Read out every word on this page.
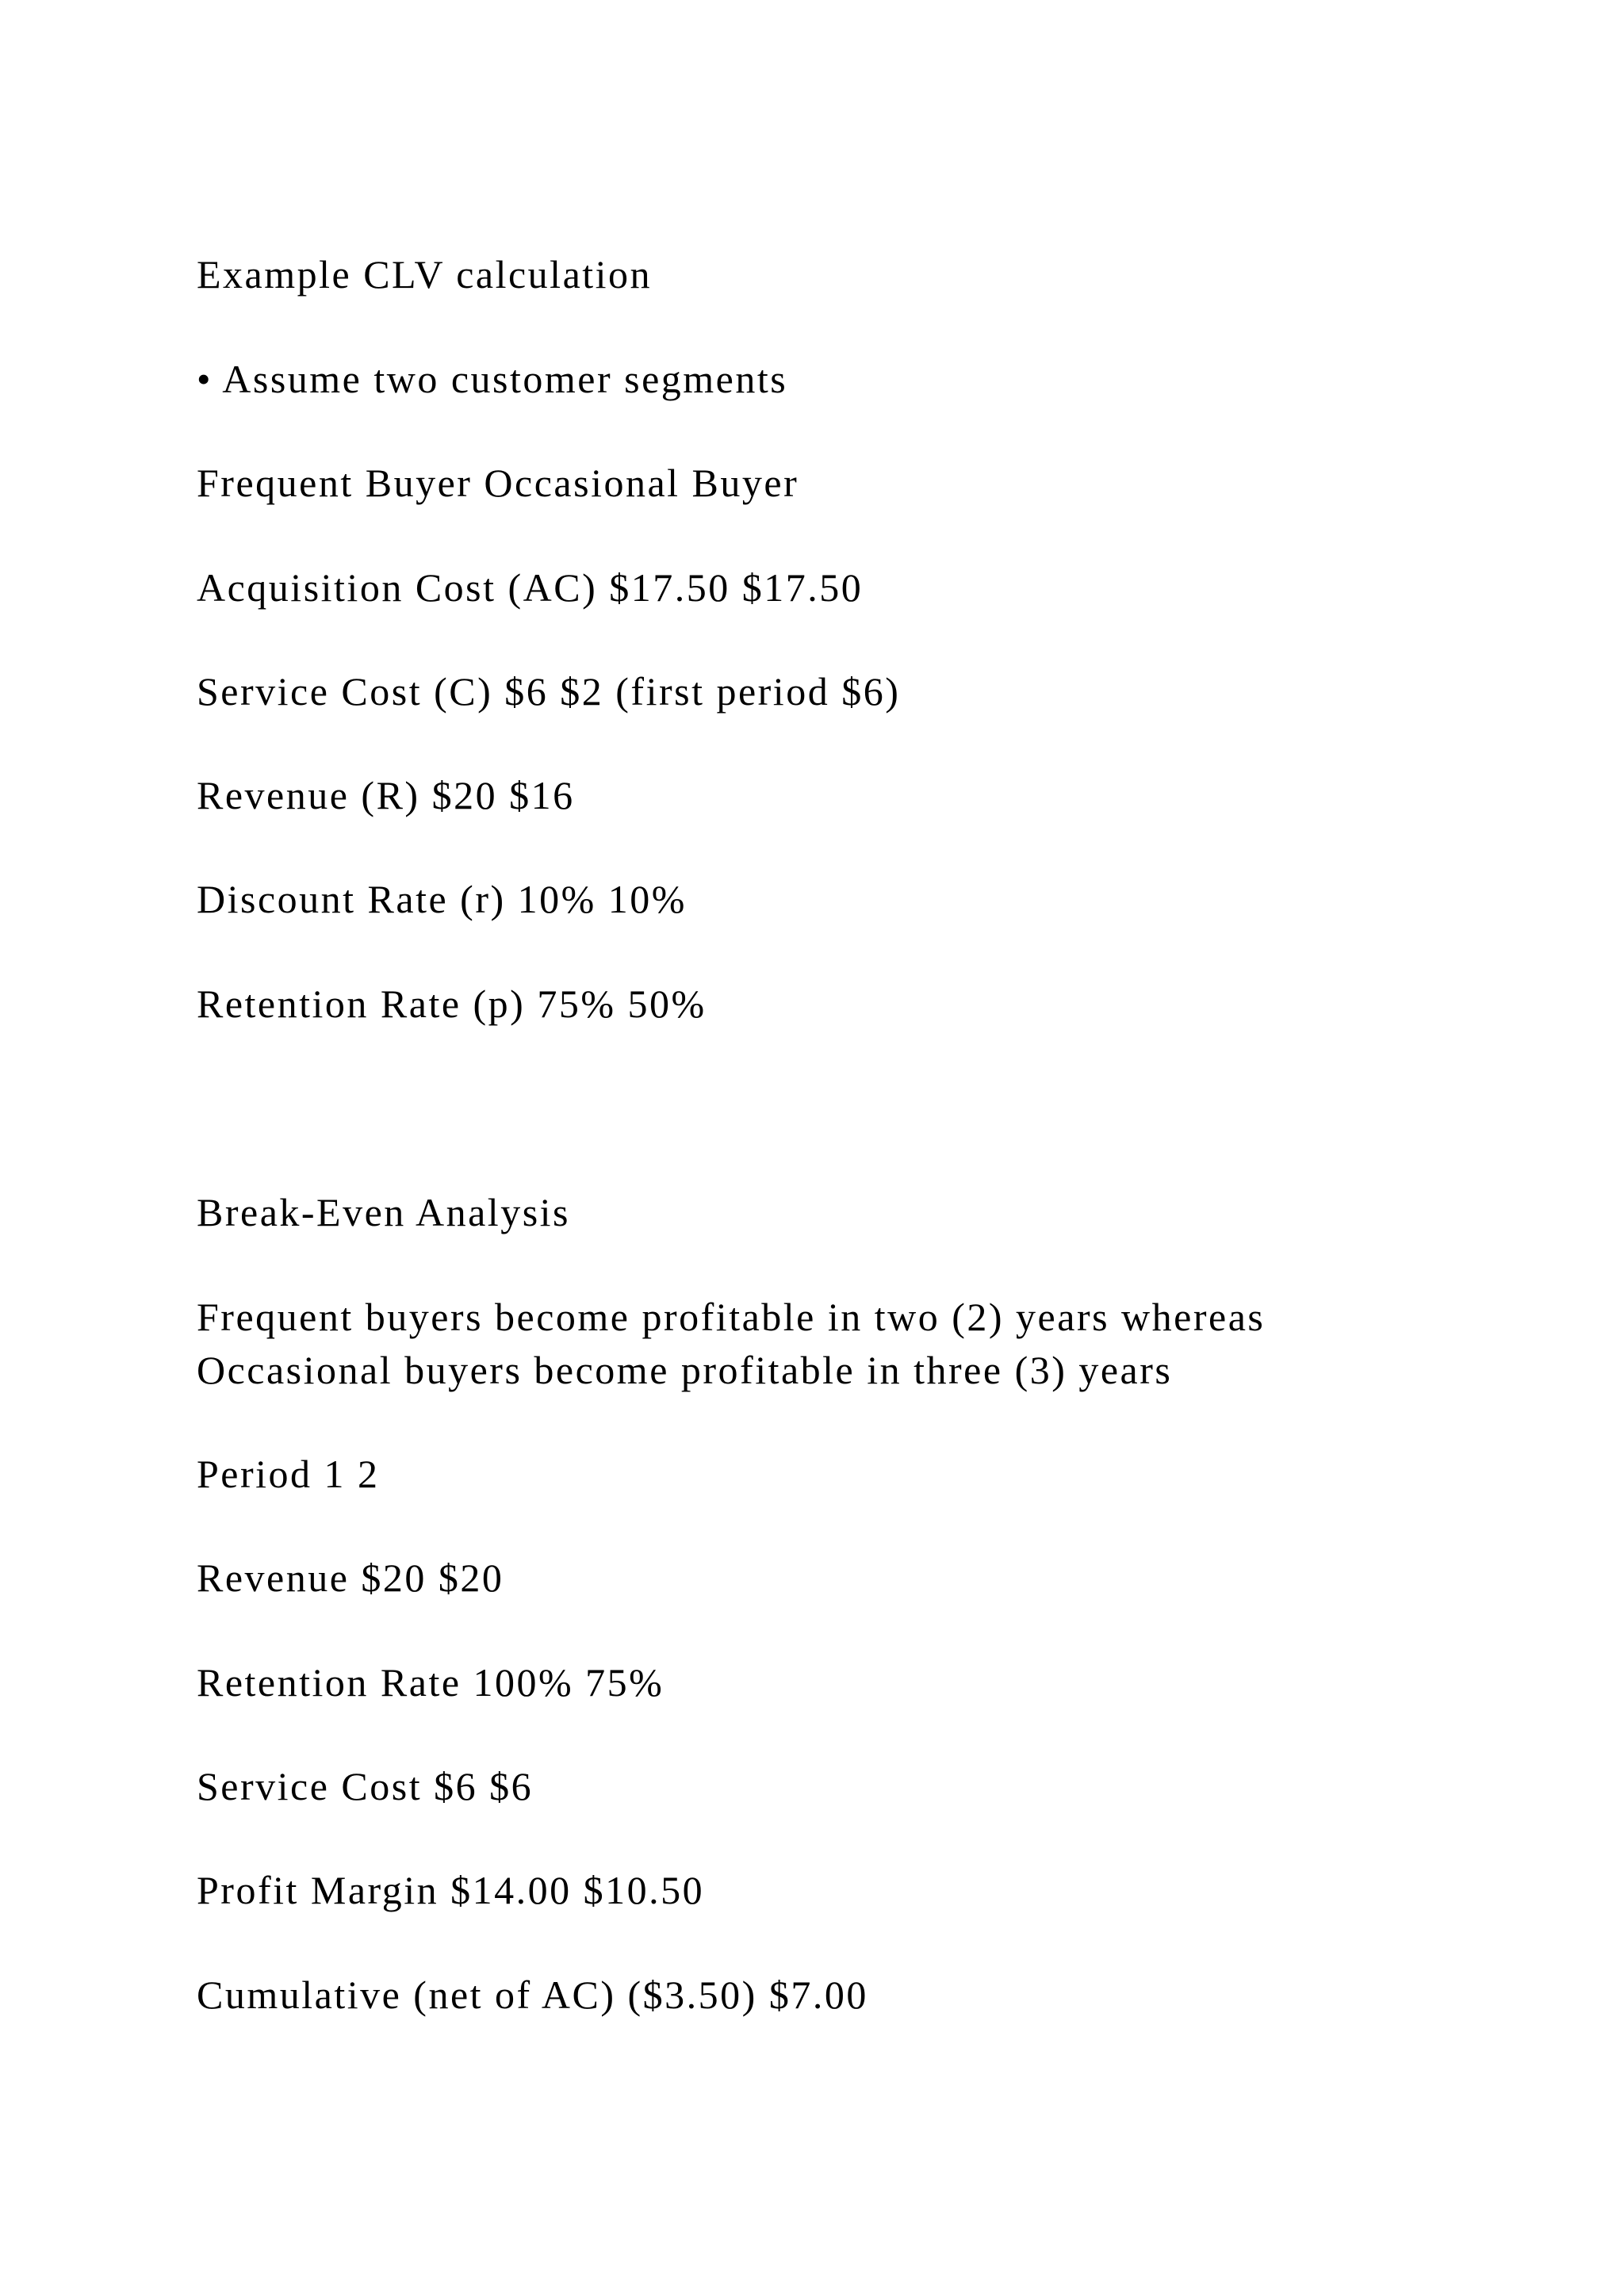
Example CLV calculation

• Assume two customer segments

Frequent Buyer Occasional Buyer

Acquisition Cost (AC) $17.50 $17.50

Service Cost (C) $6 $2 (first period $6)

Revenue (R) $20 $16

Discount Rate (r) 10% 10%

Retention Rate (p) 75% 50%

Break-Even Analysis

Frequent buyers become profitable in two (2) years whereas

Occasional buyers become profitable in three (3) years

Period 1 2

Revenue $20 $20

Retention Rate 100% 75%

Service Cost $6 $6

Profit Margin $14.00 $10.50

Cumulative (net of AC) ($3.50) $7.00
